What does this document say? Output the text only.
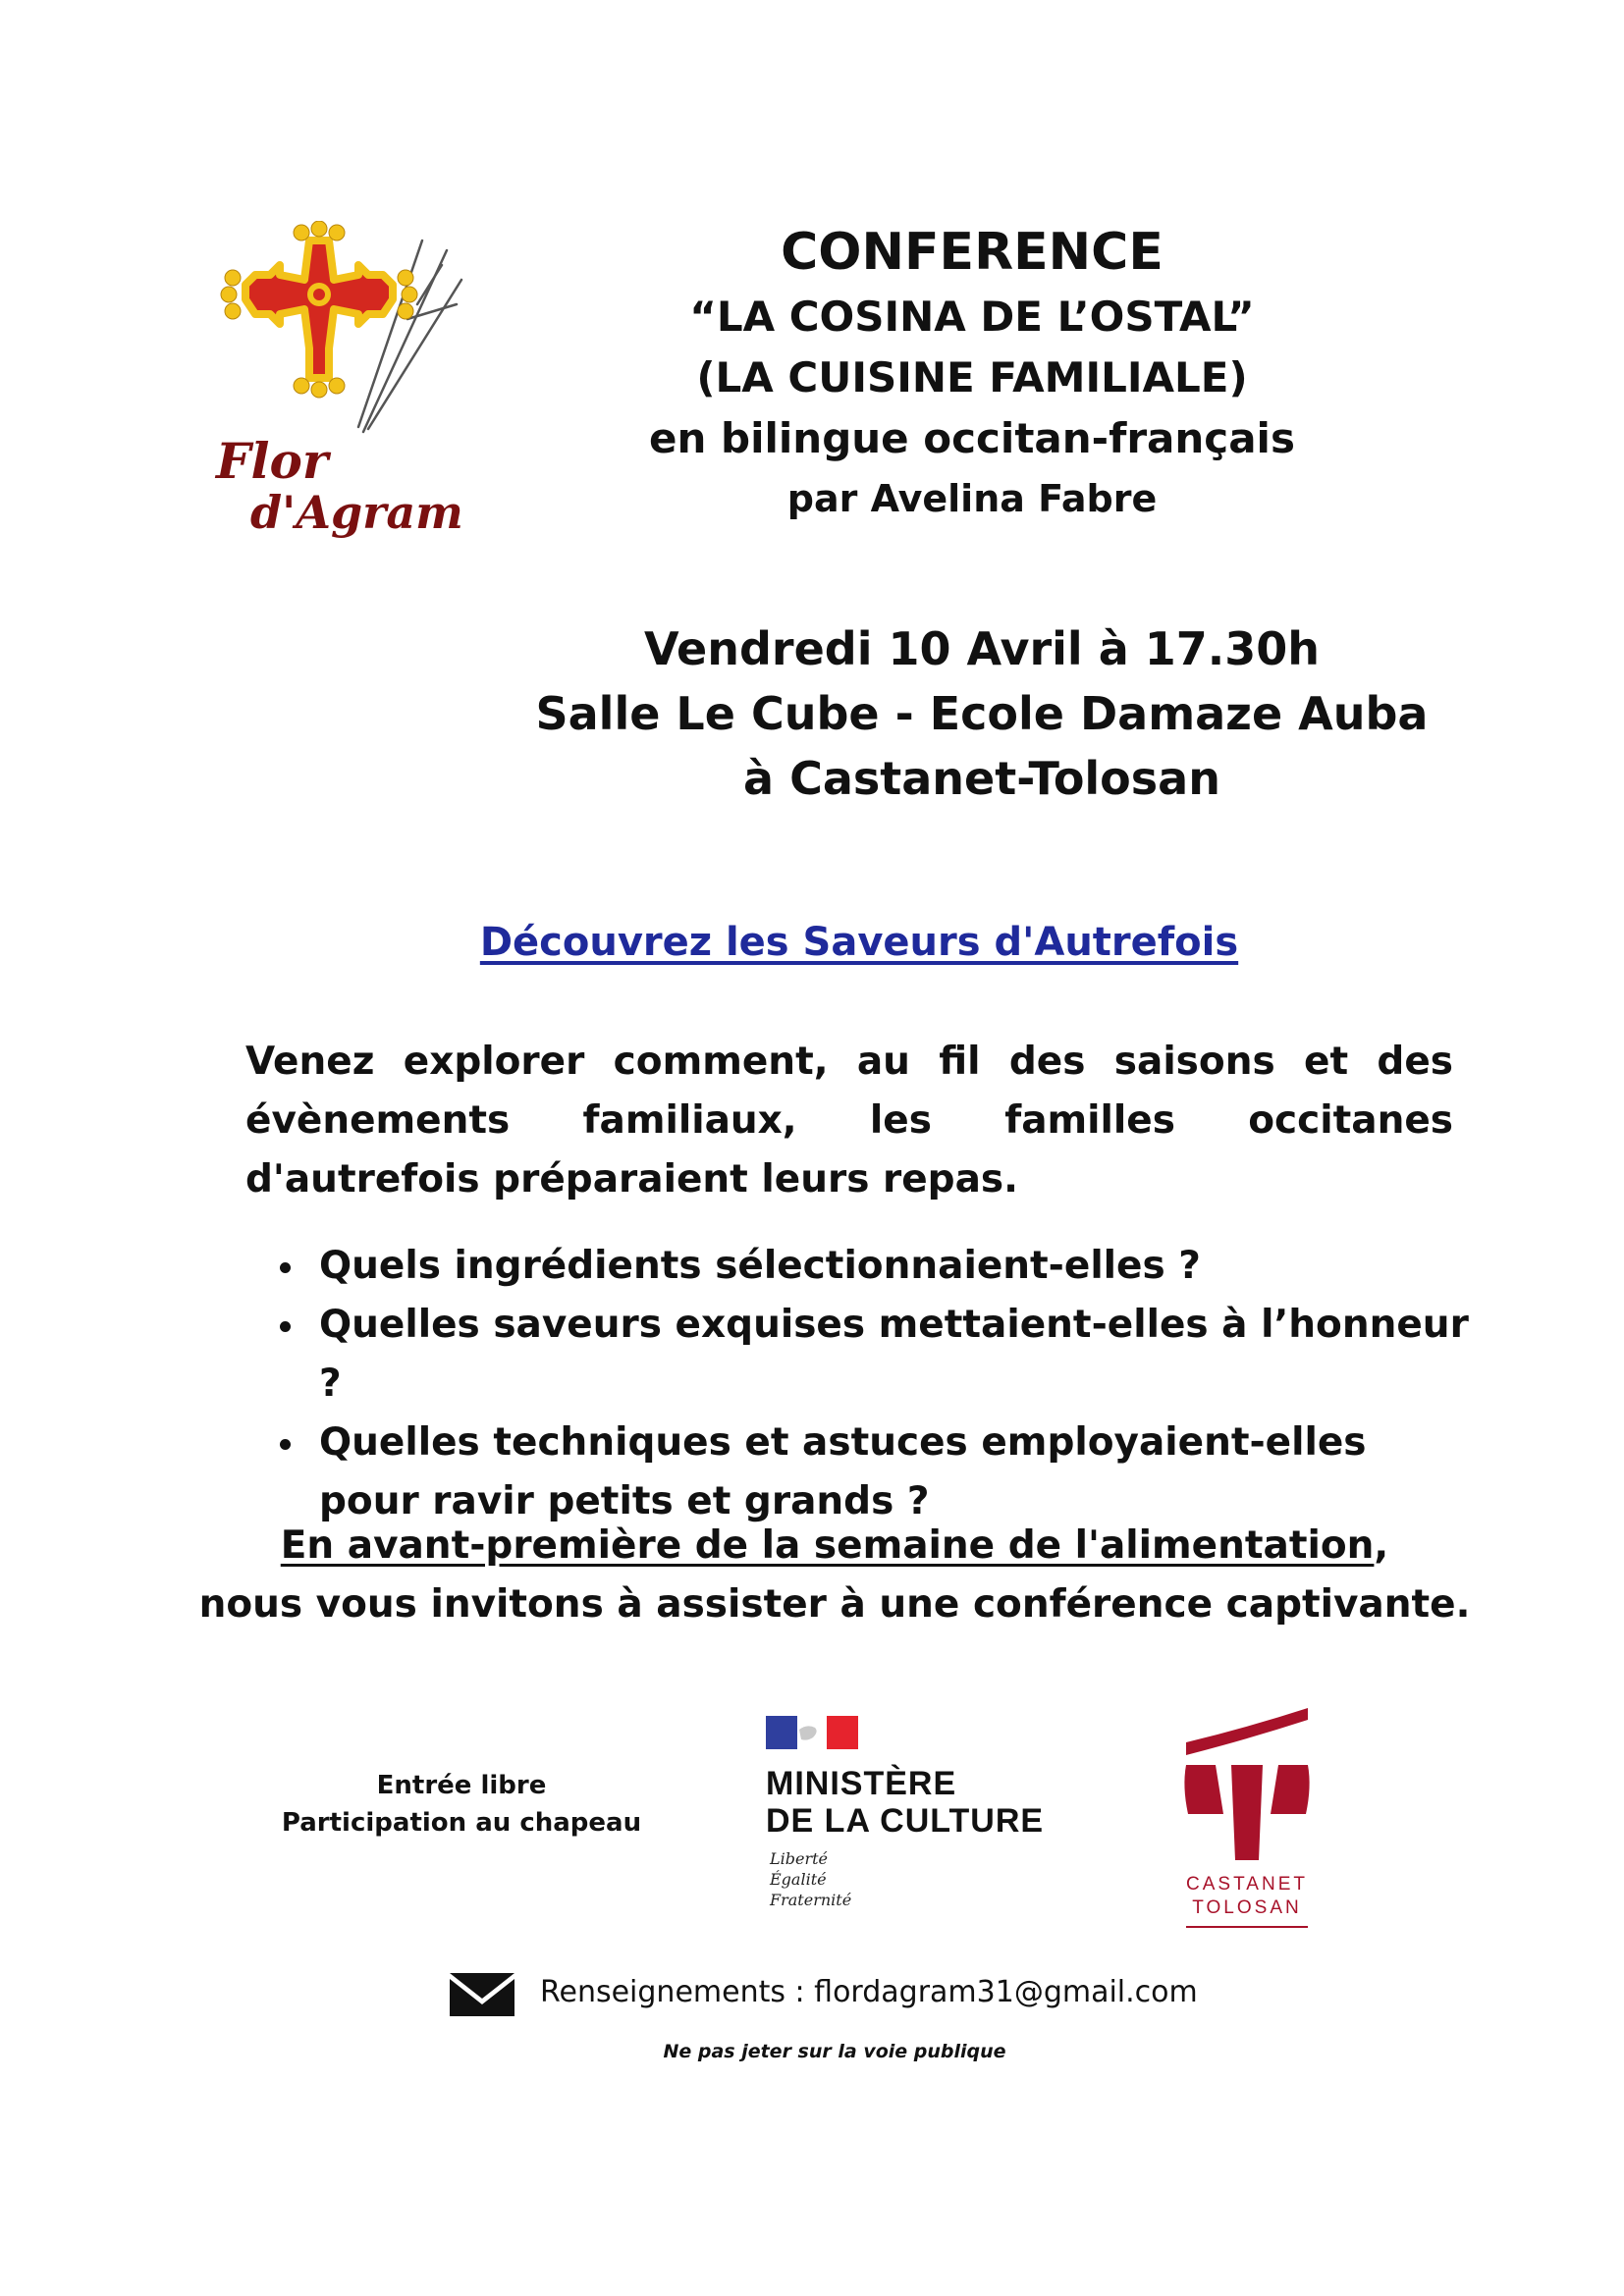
Flor
d'Agram
CONFERENCE
“LA COSINA DE L’OSTAL”
(LA CUISINE FAMILIALE)
en bilingue occitan-français
par Avelina Fabre
Vendredi 10 Avril à 17.30h
Salle Le Cube - Ecole Damaze Auba
à Castanet-Tolosan
Découvrez les Saveurs d'Autrefois
Venez explorer comment, au fil des saisons et des évènements familiaux, les familles occitanes d'autrefois préparaient leurs repas.
Quels ingrédients sélectionnaient-elles ?
Quelles saveurs exquises mettaient-elles à l’honneur ?
Quelles techniques et astuces employaient-elles pour ravir petits et grands ?
En avant-première de la semaine de l'alimentation,
nous vous invitons à assister à une conférence captivante.
Entrée libre
Participation au chapeau
MINISTÈRE
DE LA CULTURE
Liberté
Égalité
Fraternité
CASTANET
TOLOSAN
Renseignements : flordagram31@gmail.com
Ne pas jeter sur la voie publique
